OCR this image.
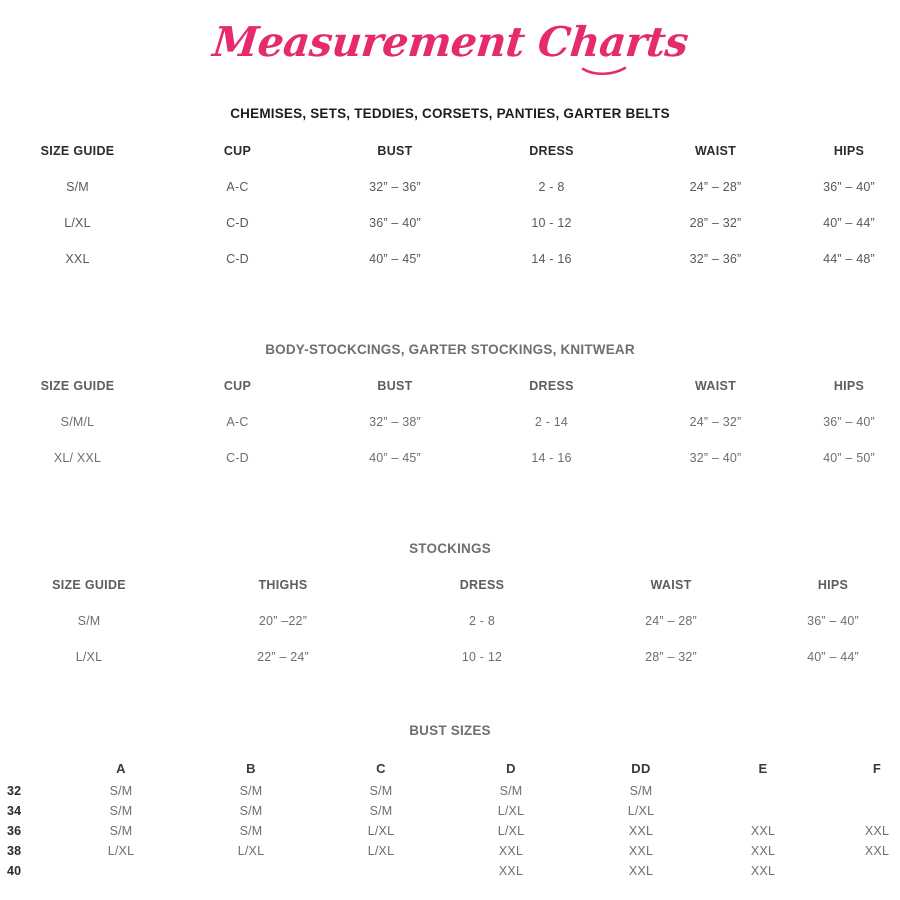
Measurement Charts
CHEMISES, SETS, TEDDIES, CORSETS, PANTIES, GARTER BELTS
SIZE GUIDE	CUP	BUST	DRESS	WAIST	HIPS
S/M	A-C	32” – 36”	2 - 8	24” – 28”	36” – 40”
L/XL	C-D	36” – 40”	10 - 12	28” – 32”	40” – 44”
XXL	C-D	40” – 45”	14 - 16	32” – 36”	44” – 48”
BODY-STOCKCINGS, GARTER STOCKINGS, KNITWEAR
SIZE GUIDE	CUP	BUST	DRESS	WAIST	HIPS
S/M/L	A-C	32” – 38”	2 - 14	24” – 32”	36” – 40”
XL/ XXL	C-D	40” – 45”	14 - 16	32” – 40”	40” – 50”
STOCKINGS
SIZE GUIDE	THIGHS	DRESS	WAIST	HIPS
S/M	20” –22”	2 - 8	24” – 28”	36” – 40”
L/XL	22” – 24”	10 - 12	28” – 32”	40” – 44”
BUST SIZES
	A	B	C	D	DD	E	F
32	S/M	S/M	S/M	S/M	S/M		
34	S/M	S/M	S/M	L/XL	L/XL		
36	S/M	S/M	L/XL	L/XL	XXL	XXL	XXL
38	L/XL	L/XL	L/XL	XXL	XXL	XXL	XXL
40				XXL	XXL	XXL	
